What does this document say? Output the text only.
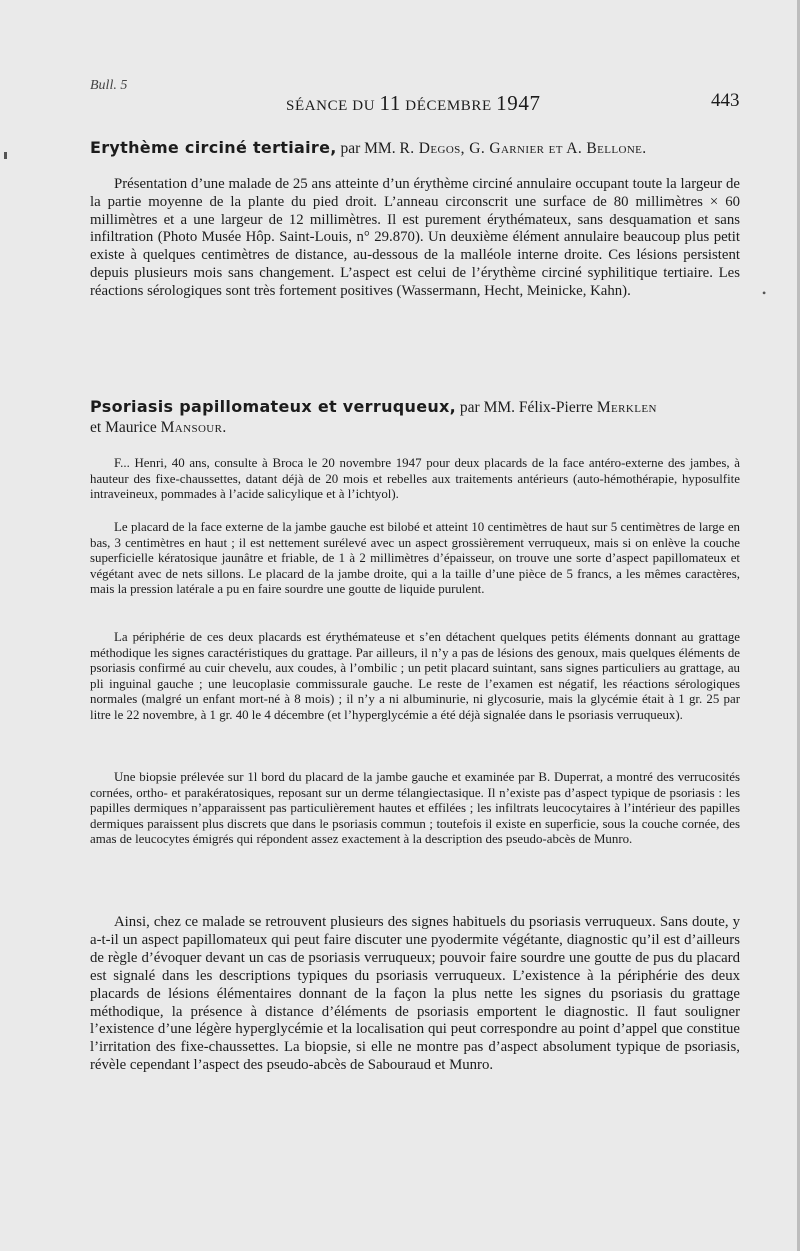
Bull. 5
SÉANCE DU 11 DÉCEMBRE 1947	443
Erythème circiné tertiaire, par MM. R. Degos, G. Garnier et A. Bellone.

Présentation d’une malade de 25 ans atteinte d’un érythème circiné annulaire occupant toute la largeur de la partie moyenne de la plante du pied droit. L’anneau circonscrit une surface de 80 millimètres × 60 millimètres et a une largeur de 12 millimètres. Il est purement érythémateux, sans desquamation et sans infiltration (Photo Musée Hôp. Saint-Louis, n° 29.870). Un deuxième élément annulaire beaucoup plus petit existe à quelques centimètres de distance, au-dessous de la malléole interne droite. Ces lésions persistent depuis plusieurs mois sans changement. L’aspect est celui de l’érythème circiné syphilitique tertiaire. Les réactions sérologiques sont très fortement positives (Wassermann, Hecht, Meinicke, Kahn).	•
Psoriasis papillomateux et verruqueux, par MM. Félix-Pierre Merklen
et Maurice Mansour.

F... Henri, 40 ans, consulte à Broca le 20 novembre 1947 pour deux placards de la face antéro-externe des jambes, à hauteur des fixe-chaussettes, datant déjà de 20 mois et rebelles aux traitements antérieurs (auto-hémothérapie, hyposulfite intraveineux, pommades à l’acide salicylique et à l’ichtyol).

Le placard de la face externe de la jambe gauche est bilobé et atteint 10 centimètres de haut sur 5 centimètres de large en bas, 3 centimètres en haut ; il est nettement surélevé avec un aspect grossièrement verruqueux, mais si on enlève la couche superficielle kératosique jaunâtre et friable, de 1 à 2 millimètres d’épaisseur, on trouve une sorte d’aspect papillomateux et végétant avec de nets sillons. Le placard de la jambe droite, qui a la taille d’une pièce de 5 francs, a les mêmes caractères, mais la pression latérale a pu en faire sourdre une goutte de liquide purulent.

La périphérie de ces deux placards est érythémateuse et s’en détachent quelques petits éléments donnant au grattage méthodique les signes caractéristiques du grattage. Par ailleurs, il n’y a pas de lésions des genoux, mais quelques éléments de psoriasis confirmé au cuir chevelu, aux coudes, à l’ombilic ; un petit placard suintant, sans signes particuliers au grattage, au pli inguinal gauche ; une leucoplasie commissurale gauche. Le reste de l’examen est négatif, les réactions sérologiques normales (malgré un enfant mort-né à 8 mois) ; il n’y a ni albuminurie, ni glycosurie, mais la glycémie était à 1 gr. 25 par litre le 22 novembre, à 1 gr. 40 le 4 décembre (et l’hyperglycémie a été déjà signalée dans le psoriasis verruqueux).

Une biopsie prélevée sur 1l bord du placard de la jambe gauche et examinée par B. Duperrat, a montré des verrucosités cornées, ortho- et parakératosiques, reposant sur un derme télangiectasique. Il n’existe pas d’aspect typique de psoriasis : les papilles dermiques n’apparaissent pas particulièrement hautes et effilées ; les infiltrats leucocytaires à l’intérieur des papilles dermiques paraissent plus discrets que dans le psoriasis commun ; toutefois il existe en superficie, sous la couche cornée, des amas de leucocytes émigrés qui répondent assez exactement à la description des pseudo-abcès de Munro.

Ainsi, chez ce malade se retrouvent plusieurs des signes habituels du psoriasis verruqueux. Sans doute, y a-t-il un aspect papillomateux qui peut faire discuter une pyodermite végétante, diagnostic qu’il est d’ailleurs de règle d’évoquer devant un cas de psoriasis verruqueux; pouvoir faire sourdre une goutte de pus du placard est signalé dans les descriptions typiques du psoriasis verruqueux. L’existence à la périphérie des deux placards de lésions élémentaires donnant de la façon la plus nette les signes du psoriasis du grattage méthodique, la présence à distance d’éléments de psoriasis emportent le diagnostic. Il faut souligner l’existence d’une légère hyperglycémie et la localisation qui peut correspondre au point d’appel que constitue l’irritation des fixe-chaussettes. La biopsie, si elle ne montre pas d’aspect absolument typique de psoriasis, révèle cependant l’aspect des pseudo-abcès de Sabouraud et Munro.
